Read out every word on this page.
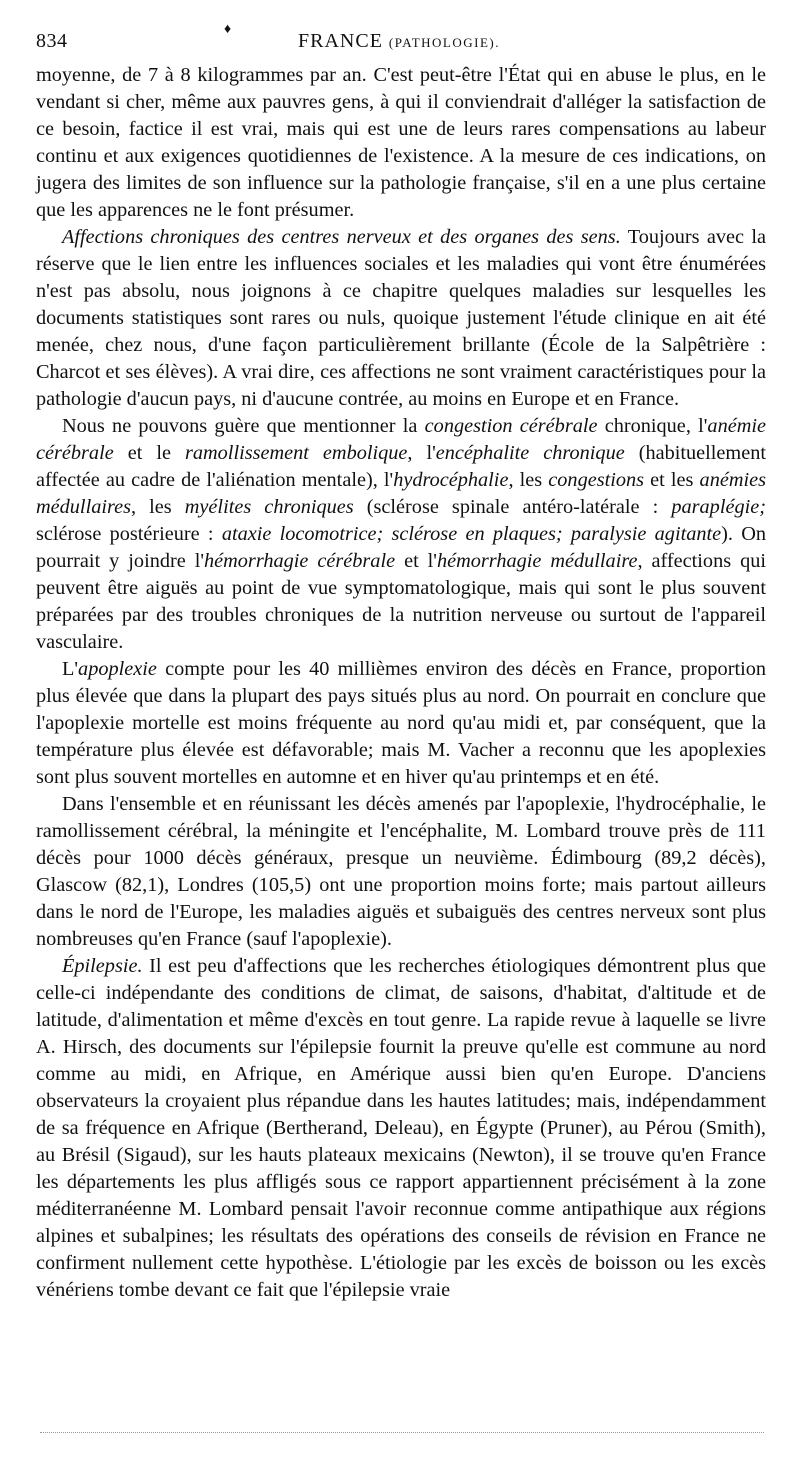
834
♦
FRANCE (PATHOLOGIE).

moyenne, de 7 à 8 kilogrammes par an. C'est peut-être l'État qui en abuse le plus, en le vendant si cher, même aux pauvres gens, à qui il conviendrait d'alléger la satisfaction de ce besoin, factice il est vrai, mais qui est une de leurs rares compensations au labeur continu et aux exigences quotidiennes de l'existence. A la mesure de ces indications, on jugera des limites de son influence sur la pathologie française, s'il en a une plus certaine que les apparences ne le font présumer.

Affections chroniques des centres nerveux et des organes des sens. Toujours avec la réserve que le lien entre les influences sociales et les maladies qui vont être énumérées n'est pas absolu, nous joignons à ce chapitre quelques maladies sur lesquelles les documents statistiques sont rares ou nuls, quoique justement l'étude clinique en ait été menée, chez nous, d'une façon particulièrement brillante (École de la Salpêtrière : Charcot et ses élèves). A vrai dire, ces affections ne sont vraiment caractéristiques pour la pathologie d'aucun pays, ni d'aucune contrée, au moins en Europe et en France.

Nous ne pouvons guère que mentionner la congestion cérébrale chronique, l'anémie cérébrale et le ramollissement embolique, l'encéphalite chronique (habituellement affectée au cadre de l'aliénation mentale), l'hydrocéphalie, les congestions et les anémies médullaires, les myélites chroniques (sclérose spinale antéro-latérale : paraplégie; sclérose postérieure : ataxie locomotrice; sclérose en plaques; paralysie agitante). On pourrait y joindre l'hémorrhagie cérébrale et l'hémorrhagie médullaire, affections qui peuvent être aiguës au point de vue symptomatologique, mais qui sont le plus souvent préparées par des troubles chroniques de la nutrition nerveuse ou surtout de l'appareil vasculaire.

L'apoplexie compte pour les 40 millièmes environ des décès en France, proportion plus élevée que dans la plupart des pays situés plus au nord. On pourrait en conclure que l'apoplexie mortelle est moins fréquente au nord qu'au midi et, par conséquent, que la température plus élevée est défavorable; mais M. Vacher a reconnu que les apoplexies sont plus souvent mortelles en automne et en hiver qu'au printemps et en été.

Dans l'ensemble et en réunissant les décès amenés par l'apoplexie, l'hydrocéphalie, le ramollissement cérébral, la méningite et l'encéphalite, M. Lombard trouve près de 111 décès pour 1000 décès généraux, presque un neuvième. Édimbourg (89,2 décès), Glascow (82,1), Londres (105,5) ont une proportion moins forte; mais partout ailleurs dans le nord de l'Europe, les maladies aiguës et subaiguës des centres nerveux sont plus nombreuses qu'en France (sauf l'apoplexie).

Épilepsie. Il est peu d'affections que les recherches étiologiques démontrent plus que celle-ci indépendante des conditions de climat, de saisons, d'habitat, d'altitude et de latitude, d'alimentation et même d'excès en tout genre. La rapide revue à laquelle se livre A. Hirsch, des documents sur l'épilepsie fournit la preuve qu'elle est commune au nord comme au midi, en Afrique, en Amérique aussi bien qu'en Europe. D'anciens observateurs la croyaient plus répandue dans les hautes latitudes; mais, indépendamment de sa fréquence en Afrique (Bertherand, Deleau), en Égypte (Pruner), au Pérou (Smith), au Brésil (Sigaud), sur les hauts plateaux mexicains (Newton), il se trouve qu'en France les départements les plus affligés sous ce rapport appartiennent précisément à la zone méditerranéenne M. Lombard pensait l'avoir reconnue comme antipathique aux régions alpines et subalpines; les résultats des opérations des conseils de révision en France ne confirment nullement cette hypothèse. L'étiologie par les excès de boisson ou les excès vénériens tombe devant ce fait que l'épilepsie vraie
